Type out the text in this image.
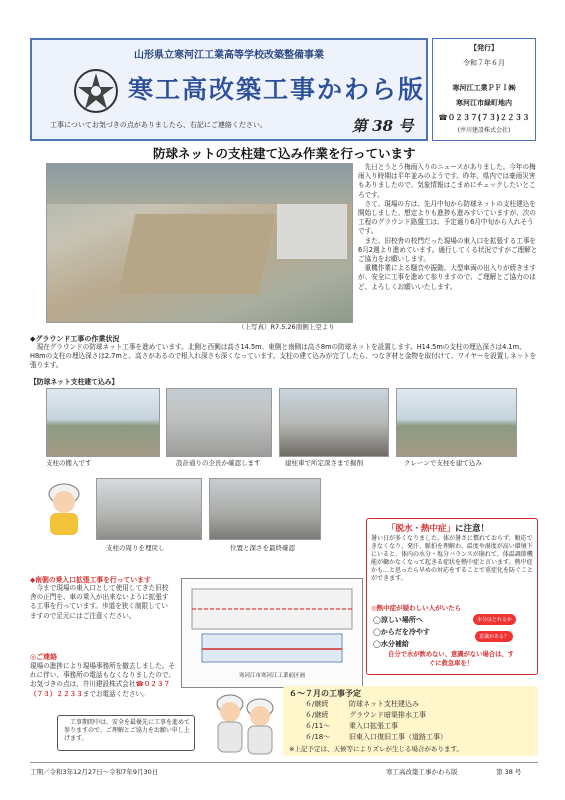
山形県立寒河江工業高等学校改築整備事業
寒工高改築工事かわら版
工事についてお気づきの点がありましたら、右記にご連絡ください。	第 38 号
【発行】
令和７年６月
寒河江工業ＰＦＩ㈱
寒河江市緑町地内
☎０２３７(７３)２２３３
(井川建設株式会社)
防球ネットの支柱建て込み作業を行っています
（上写真）R7.5.26南側上空より

先日とうとう梅雨入りのニュースがありました。今年の梅雨入り時期は平年並みのようです。昨年、県内では豪雨災害もありましたので、気象情報はこまめにチェックしたいところです。

さて、現場の方は、先月中旬から防球ネットの支柱建込を開始しました。想定よりも進捗も進みすいていますが、次の工程のグラウンド路盤工は、予定通り6月中旬から入れそうです。

また、旧校舎の校門だった現場の東入口を拡張する工事を6月2週より進めています。通行してくる状況ですがご理解とご協力をお願いします。

重機作業による騒音や振動、大型車両の出入りが続きますが、安全に工事を進めて参りますので、ご理解とご協力のほど、よろしくお願いいたします。

◆グラウンド工事の作業状況
現在グラウンドの防球ネット工事を進めています。北側と西側は高さ14.5m、東側と南側は高さ8mの防球ネットを設置します。H14.5mの支柱の埋込深さは4.1m、H8mの支柱の埋込深さは2.7mと、高さがあるので根入れ深さも深くなっています。支柱の建て込みが完了したら、つなぎ材と金物を取付けて、ワイヤーを設置しネットを張ります。
【防球ネット支柱建て込み】
支柱の搬入です	設計通りの全長か確認します	建柱車で所定深さまで掘削	クレーンで支柱を建て込み
支柱の周りを埋戻し	位置と深さを最終確認
「脱水・熱中症」に注意！
暑い日が多くなりました。体が暑さに慣れておらず、順応できなくなり、発汗、脈拍を理解わ、温度や湿度が高い環境下にいると、体内の水分・塩分バランスが崩れて、体温調節機能が働かなくなって起きる症状を熱中症と言います。熱中症かも…と思ったら早めの対応をすることで重症化を防ぐことができます。
◎熱中症が疑わしい人がいたら
◯涼しい場所へ
◯からだを冷やす
◯水分補給
水分はとれるか
意識がある？
自分で水が飲めない、意識がない場合は、すぐに救急車を！
◆南側の乗入口拡張工事を行っています
今まで現場の東入口として使用してきた旧校舎の正門を、車の乗入が出来ないように拡張する工事を行っています。歩道を狭く制限していますので足元にはご注意ください。
寒河江市寒河江工業前区画
◎ご連絡
現場の進捗により現場事務所を撤去しました。それに伴い、事務所の電話もなくなりましたので、お気づきの点は、井川建設株式会社☎０２３７（７３）２２３３までお電話ください。
工事期間中は、安全を最優先に工事を進めて参りますので、ご理解とご協力をお願い申し上げます。
６～７月の工事予定
６/継続	防球ネット支柱建込み
６/継続	グラウンド暗渠排水工事
６/11～	乗入口拡張工事
６/18～	旧東入口復旧工事（道路工事）
※上記予定は、天候等によりズレが生じる場合があります。
工期／令和3年12月27日～令和7年9月30日	寒工高改築工事かわら版	第 38 号
